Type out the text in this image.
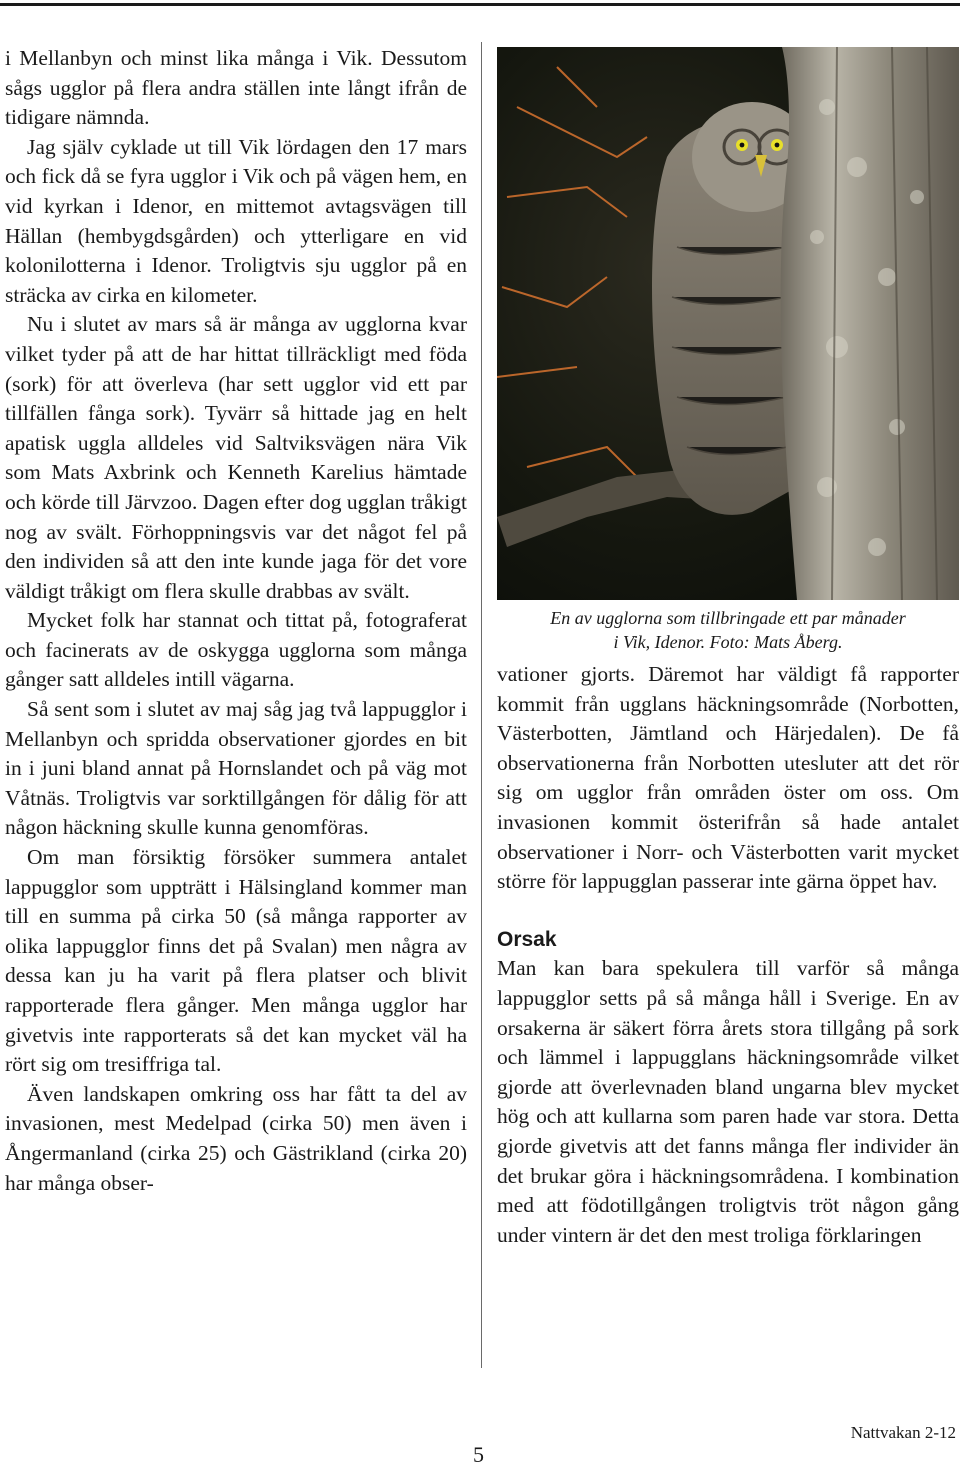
i Mellanbyn och minst lika många i Vik. Dessutom sågs ugglor på flera andra ställen inte långt ifrån de tidigare nämnda.

Jag själv cyklade ut till Vik lördagen den 17 mars och fick då se fyra ugglor i Vik och på vägen hem, en vid kyrkan i Idenor, en mittemot avtagsvägen till Hällan (hembygdsgården) och ytterligare en vid kolonilotterna i Idenor. Troligtvis sju ugglor på en sträcka av cirka en kilometer.

Nu i slutet av mars så är många av ugglorna kvar vilket tyder på att de har hittat tillräckligt med föda (sork) för att överleva (har sett ugglor vid ett par tillfällen fånga sork). Tyvärr så hittade jag en helt apatisk uggla alldeles vid Saltviksvägen nära Vik som Mats Axbrink och Kenneth Karelius hämtade och körde till Järvzoo. Dagen efter dog ugglan tråkigt nog av svält. Förhoppningsvis var det något fel på den individen så att den inte kunde jaga för det vore väldigt tråkigt om flera skulle drabbas av svält.

Mycket folk har stannat och tittat på, fotograferat och facinerats av de oskygga ugglorna som många gånger satt alldeles intill vägarna.

Så sent som i slutet av maj såg jag två lappugglor i Mellanbyn och spridda observationer gjordes en bit in i juni bland annat på Hornslandet och på väg mot Våtnäs. Troligtvis var sorktillgången för dålig för att någon häckning skulle kunna genomföras.

Om man försiktig försöker summera antalet lappugglor som uppträtt i Hälsingland kommer man till en summa på cirka 50 (så många rapporter av olika lappugglor finns det på Svalan) men några av dessa kan ju ha varit på flera platser och blivit rapporterade flera gånger. Men många ugglor har givetvis inte rapporterats så det kan mycket väl ha rört sig om tresiffriga tal.

Även landskapen omkring oss har fått ta del av invasionen, mest Medelpad (cirka 50) men även i Ångermanland (cirka 25) och Gästrikland (cirka 20) har många obser-

En av ugglorna som tillbringade ett par månader
i Vik, Idenor. Foto: Mats Åberg.

vationer gjorts. Däremot har väldigt få rapporter kommit från ugglans häckningsområde (Norbotten, Västerbotten, Jämtland och Härjedalen). De få observationerna från Norbotten utesluter att det rör sig om ugglor från områden öster om oss. Om invasionen kommit österifrån så hade antalet observationer i Norr- och Västerbotten varit mycket större för lappugglan passerar inte gärna öppet hav.

Orsak

Man kan bara spekulera till varför så många lappugglor setts på så många håll i Sverige. En av orsakerna är säkert förra årets stora tillgång på sork och lämmel i lappugglans häckningsområde vilket gjorde att överlevnaden bland ungarna blev mycket hög och att kullarna som paren hade var stora. Detta gjorde givetvis att det fanns många fler individer än det brukar göra i häckningsområdena. I kombination med att födotillgången troligtvis tröt någon gång under vintern är det den mest troliga förklaringen

5
Nattvakan 2-12
